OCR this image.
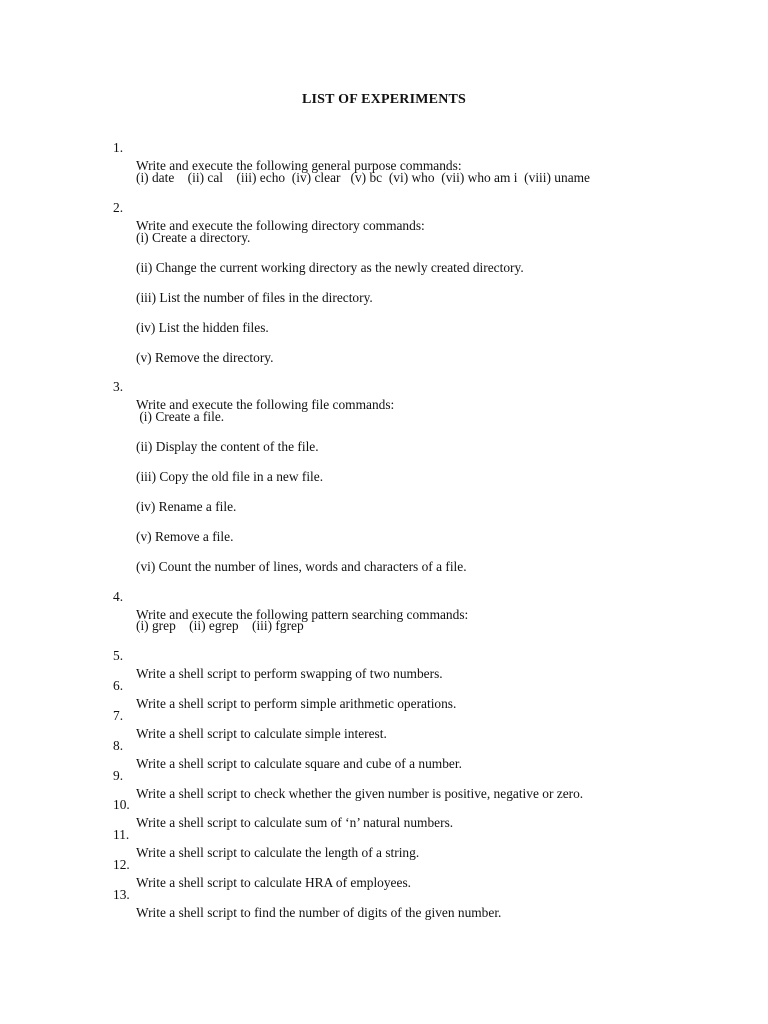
LIST OF EXPERIMENTS

1.

Write and execute the following general purpose commands:

(i) date    (ii) cal    (iii) echo  (iv) clear   (v) bc  (vi) who  (vii) who am i  (viii) uname

2.

Write and execute the following directory commands:

(i) Create a directory.

(ii) Change the current working directory as the newly created directory.

(iii) List the number of files in the directory.

(iv) List the hidden files.

(v) Remove the directory.

3.

Write and execute the following file commands:

(i) Create a file.

(ii) Display the content of the file.

(iii) Copy the old file in a new file.

(iv) Rename a file.

(v) Remove a file.

(vi) Count the number of lines, words and characters of a file.

4.

Write and execute the following pattern searching commands:

(i) grep    (ii) egrep    (iii) fgrep

5.

Write a shell script to perform swapping of two numbers.

6.

Write a shell script to perform simple arithmetic operations.

7.

Write a shell script to calculate simple interest.

8.

Write a shell script to calculate square and cube of a number.

9.

Write a shell script to check whether the given number is positive, negative or zero.

10.

Write a shell script to calculate sum of ‘n’ natural numbers.

11.

Write a shell script to calculate the length of a string.

12.

Write a shell script to calculate HRA of employees.

13.

Write a shell script to find the number of digits of the given number.
